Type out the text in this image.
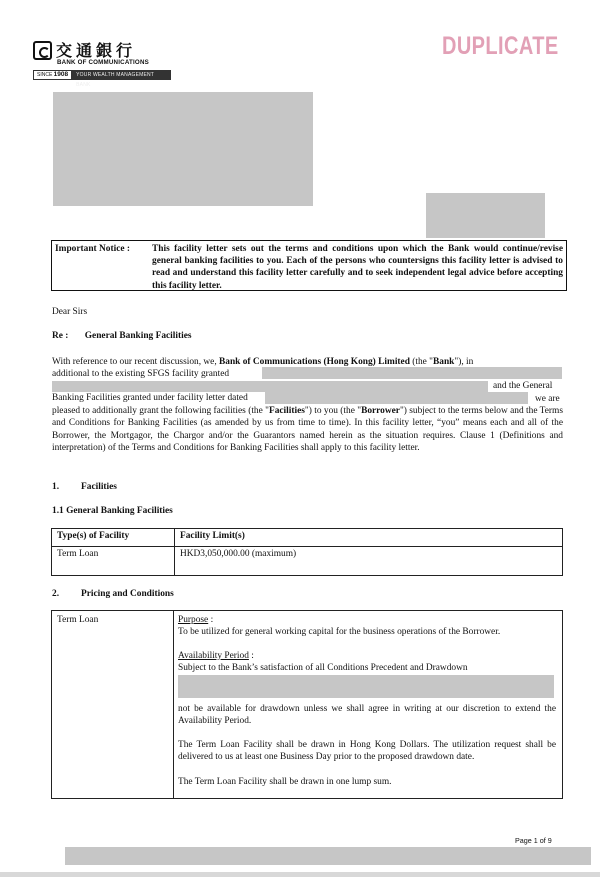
交通銀行
BANK OF COMMUNICATIONS
SINCE 1908	YOUR WEALTH MANAGEMENT BANK
DUPLICATE
Important Notice :	This facility letter sets out the terms and conditions upon which the Bank would continue/revise general banking facilities to you. Each of the persons who countersigns this facility letter is advised to read and understand this facility letter carefully and to seek independent legal advice before accepting this facility letter.
Dear Sirs
Re : General Banking Facilities
With reference to our recent discussion, we, Bank of Communications (Hong Kong) Limited (the "Bank"), in
additional to the existing SFGS facility granted
and the General
Banking Facilities granted under facility letter dated	we are
pleased to additionally grant the following facilities (the "Facilities") to you (the "Borrower") subject to the terms below and the Terms and Conditions for Banking Facilities (as amended by us from time to time). In this facility letter, “you” means each and all of the Borrower, the Mortgagor, the Chargor and/or the Guarantors named herein as the situation requires. Clause 1 (Definitions and interpretation) of the Terms and Conditions for Banking Facilities shall apply to this facility letter.
1. Facilities
1.1 General Banking Facilities
Type(s) of Facility	Facility Limit(s)
Term Loan	HKD3,050,000.00 (maximum)
2. Pricing and Conditions
Term Loan	Purpose :
To be utilized for general working capital for the business operations of the Borrower.
Availability Period :
Subject to the Bank’s satisfaction of all Conditions Precedent and Drawdown
not be available for drawdown unless we shall agree in writing at our discretion to extend the Availability Period.
The Term Loan Facility shall be drawn in Hong Kong Dollars. The utilization request shall be delivered to us at least one Business Day prior to the proposed drawdown date.
The Term Loan Facility shall be drawn in one lump sum.
Page 1 of 9
